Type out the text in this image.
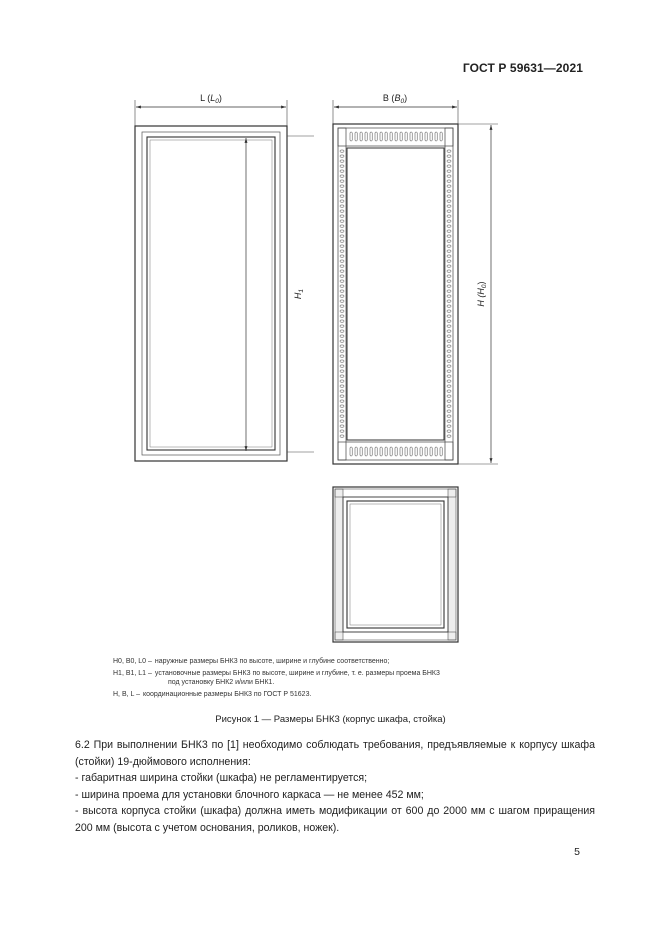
ГОСТ Р 59631—2021
L $(L_0)$
$H_1$
B $(B_0)$
H $(H_0)$
H0, B0, L0 – наружные размеры БНК3 по высоте, ширине и глубине соответственно;
H1, B1, L1 – установочные размеры БНК3 по высоте, ширине и глубине, т. е. размеры проема БНК3
под установку БНК2 и/или БНК1.
H, B, L – координационные размеры БНК3 по ГОСТ Р 51623.
Рисунок 1 — Размеры БНК3 (корпус шкафа, стойка)

6.2 При выполнении БНК3 по [1] необходимо соблюдать требования, предъявляемые к корпусу шкафа (стойки) 19-дюймового исполнения:

- габаритная ширина стойки (шкафа) не регламентируется;

- ширина проема для установки блочного каркаса — не менее 452 мм;

- высота корпуса стойки (шкафа) должна иметь модификации от 600 до 2000 мм с шагом приращения 200 мм (высота с учетом основания, роликов, ножек).

5
